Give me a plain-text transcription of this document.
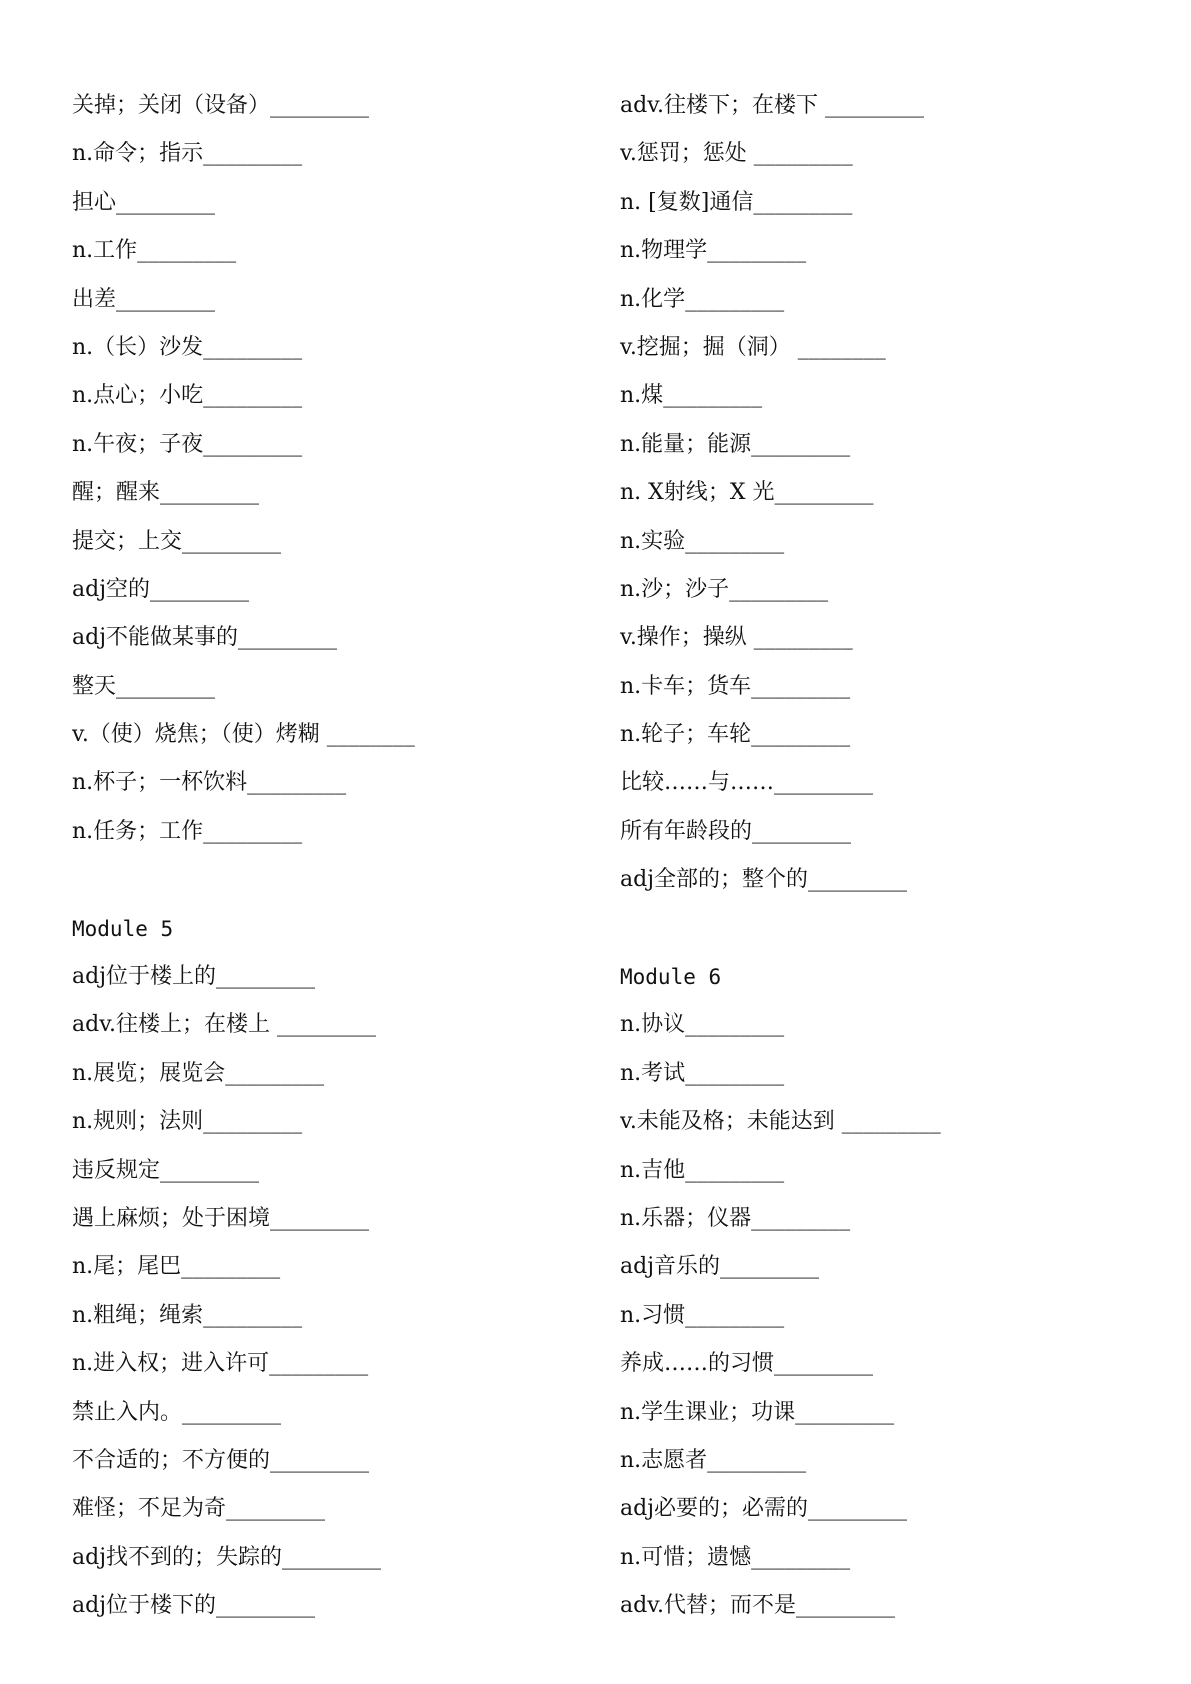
关掉；关闭（设备）_________
n.命令；指示_________
担心_________
n.工作_________
出差_________
n.（长）沙发_________
n.点心；小吃_________
n.午夜；子夜_________
醒；醒来_________
提交；上交_________
adj空的_________
adj不能做某事的_________
整天_________
v.（使）烧焦；（使）烤糊 ________
n.杯子；一杯饮料_________
n.任务；工作_________
Module 5
adj位于楼上的_________
adv.往楼上；在楼上 _________
n.展览；展览会_________
n.规则；法则_________
违反规定_________
遇上麻烦；处于困境_________
n.尾；尾巴_________
n.粗绳；绳索_________
n.进入权；进入许可_________
禁止入内。_________
不合适的；不方便的_________
难怪；不足为奇_________
adj找不到的；失踪的_________
adj位于楼下的_________
adv.往楼下；在楼下 _________
v.惩罚；惩处 _________
n. [复数]通信_________
n.物理学_________
n.化学_________
v.挖掘；掘（洞） ________
n.煤_________
n.能量；能源_________
n. X射线；X 光_________
n.实验_________
n.沙；沙子_________
v.操作；操纵 _________
n.卡车；货车_________
n.轮子；车轮_________
比较……与……_________
所有年龄段的_________
adj全部的；整个的_________
Module 6
n.协议_________
n.考试_________
v.未能及格；未能达到 _________
n.吉他_________
n.乐器；仪器_________
adj音乐的_________
n.习惯_________
养成……的习惯_________
n.学生课业；功课_________
n.志愿者_________
adj必要的；必需的_________
n.可惜；遗憾_________
adv.代替；而不是_________
